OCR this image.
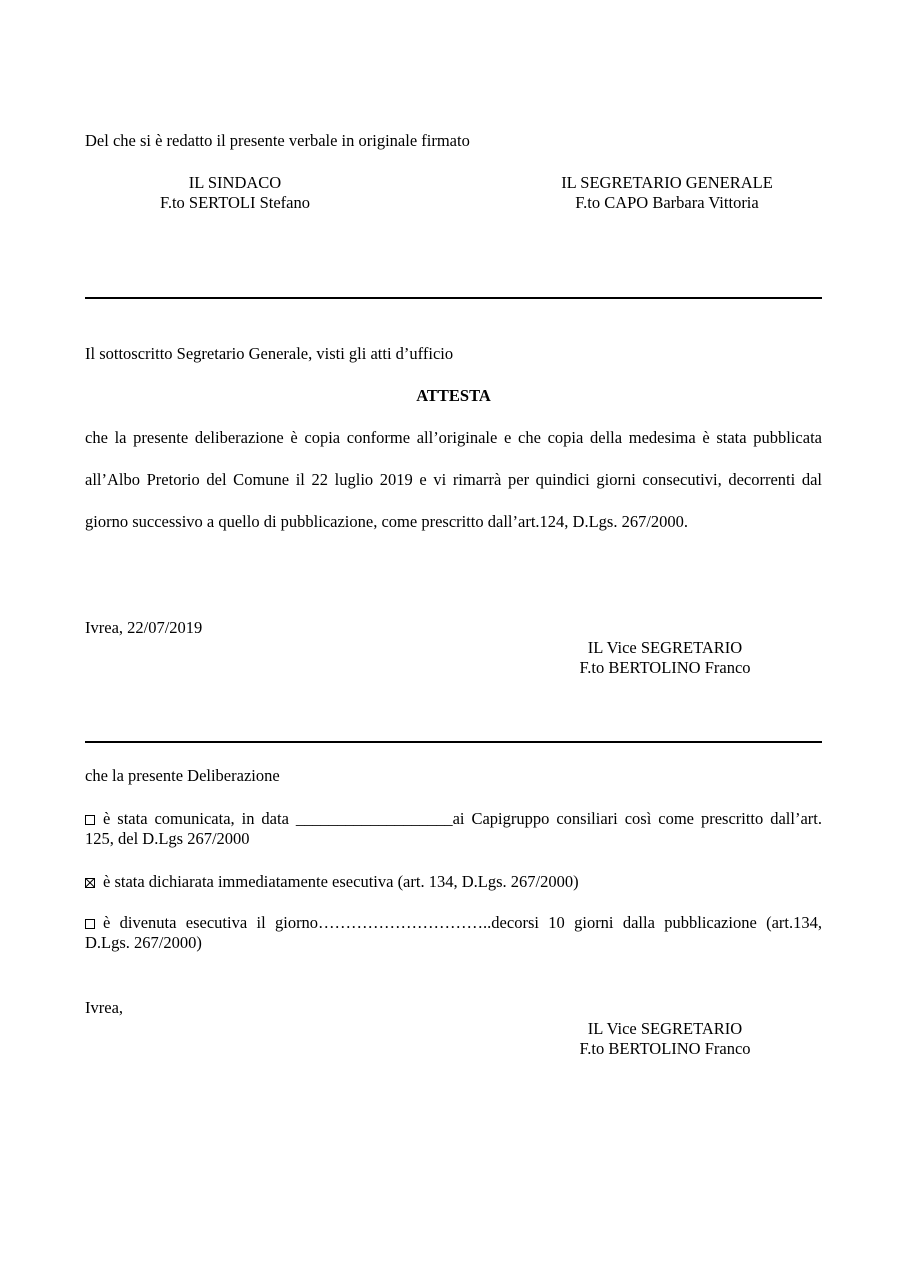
Del che si è redatto il presente verbale in originale firmato
IL SINDACO
F.to SERTOLI Stefano
IL SEGRETARIO GENERALE
F.to CAPO Barbara Vittoria
Il sottoscritto Segretario Generale, visti gli atti d’ufficio
ATTESTA
che la presente deliberazione è copia conforme all’originale e che copia della medesima è stata pubblicata all’Albo Pretorio del Comune il 22 luglio 2019 e vi rimarrà per quindici giorni consecutivi, decorrenti dal giorno successivo a quello di pubblicazione, come prescritto dall’art.124, D.Lgs. 267/2000.
Ivrea, 22/07/2019
IL Vice SEGRETARIO
F.to BERTOLINO Franco
che la presente Deliberazione
è stata comunicata, in data ___________________ai Capigruppo consiliari così come prescritto dall’art. 125, del D.Lgs 267/2000
è stata dichiarata immediatamente esecutiva (art. 134, D.Lgs. 267/2000)
è divenuta esecutiva il giorno…………………………..decorsi 10 giorni dalla pubblicazione (art.134, D.Lgs. 267/2000)
Ivrea,
IL Vice SEGRETARIO
F.to BERTOLINO Franco
